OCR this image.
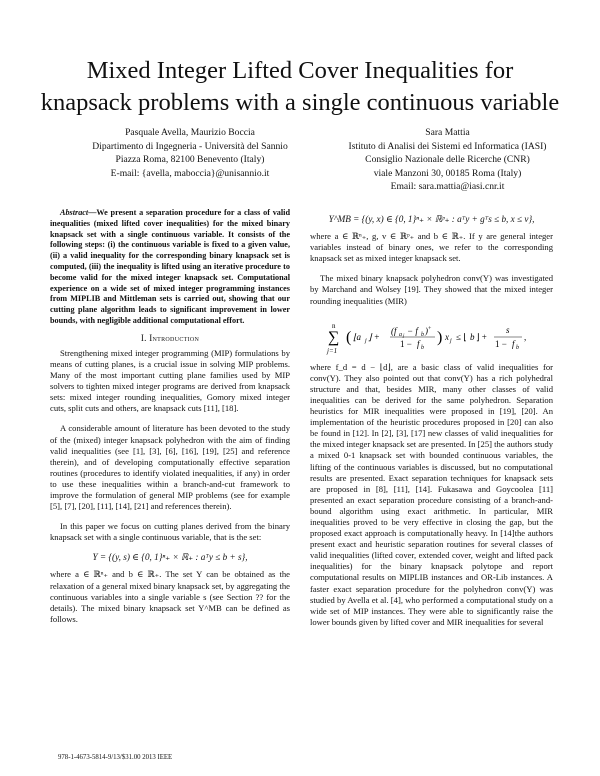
Mixed Integer Lifted Cover Inequalities for
knapsack problems with a single continuous variable
Pasquale Avella, Maurizio Boccia
Dipartimento di Ingegneria - Università del Sannio
Piazza Roma, 82100 Benevento (Italy)
E-mail: {avella, maboccia}@unisannio.it
Sara Mattia
Istituto di Analisi dei Sistemi ed Informatica (IASI)
Consiglio Nazionale delle Ricerche (CNR)
viale Manzoni 30, 00185 Roma (Italy)
Email: sara.mattia@iasi.cnr.it

Abstract—We present a separation procedure for a class of valid inequalities (mixed lifted cover inequalities) for the mixed binary knapsack set with a single continuous variable. It consists of the following steps: (i) the continuous variable is fixed to a given value, (ii) a valid inequality for the corresponding binary knapsack set is computed, (iii) the inequality is lifted using an iterative procedure to become valid for the mixed integer knapsack set. Computational experience on a wide set of mixed integer programming instances from MIPLIB and Mittleman sets is carried out, showing that our cutting plane algorithm leads to significant improvement in lower bounds, with negligible additional computational effort.

I. Introduction

Strengthening mixed integer programming (MIP) formulations by means of cutting planes, is a crucial issue in solving MIP problems. Many of the most important cutting plane families used by MIP solvers to tighten mixed integer programs are derived from knapsack sets: mixed integer rounding inequalities, Gomory mixed integer cuts, split cuts and others, are knapsack cuts [11], [18].

A considerable amount of literature has been devoted to the study of the (mixed) integer knapsack polyhedron with the aim of finding valid inequalities (see [1], [3], [6], [16], [19], [25] and reference therein), and of developing computationally effective separation routines (procedures to identify violated inequalities, if any) in order to use these inequalities within a branch-and-cut framework to improve the formulation of general MIP problems (see for example [5], [7], [20], [11], [14], [21] and references therein).

In this paper we focus on cutting planes derived from the binary knapsack set with a single continuous variable, that is the set:

Y = {(y, s) ∈ {0, 1}ⁿ₊ × ℝ₊ : aᵀy ≤ b + s},

where a ∈ ℝⁿ₊ and b ∈ ℝ₊. The set Y can be obtained as the relaxation of a general mixed binary knapsack set, by aggregating the continuous variables into a single variable s (see Section ?? for the details). The mixed binary knapsack set Y^MB can be defined as follows.

Y^MB = {(y, x) ∈ {0, 1}ⁿ₊ × ℝᵖ₊ : aᵀy + gᵀs ≤ b, x ≤ v},

where a ∈ ℝⁿ₊, g, v ∈ ℝᵖ₊ and b ∈ ℝ₊. If y are general integer variables instead of binary ones, we refer to the corresponding knapsack set as mixed integer knapsack set.

The mixed binary knapsack polyhedron conv(Y) was investigated by Marchand and Wolsey [19]. They showed that the mixed integer rounding inequalities (MIR)

n
∑
j=1
( ⌊a j ⌋ +
(f a j
− f b ) +
1 − f b
) x j ≤ ⌊ b ⌋ +
s
1 − f b
,

where f_d = d − ⌊d⌋, are a basic class of valid inequalities for conv(Y). They also pointed out that conv(Y) has a rich polyhedral structure and that, besides MIR, many other classes of valid inequalities can be derived for the same polyhedron. Separation heuristics for MIR inequalities were proposed in [19], [20]. An implementation of the heuristic procedures proposed in [20] can also be found in [12]. In [2], [3], [17] new classes of valid inequalities for the mixed integer knapsack set are presented. In [25] the authors study a mixed 0-1 knapsack set with bounded continuous variables, the lifting of the continuous variables is discussed, but no computational results are presented. Exact separation techniques for knapsack sets are proposed in [8], [11], [14]. Fukasawa and Goycoolea [11] presented an exact separation procedure consisting of a branch-and-bound algorithm using exact arithmetic. In particular, MIR inequalities proved to be very effective in closing the gap, but the proposed exact approach is computationally heavy. In [14]the authors present exact and heuristic separation routines for several classes of valid inequalities (lifted cover, extended cover, weight and lifted pack inequalities) for the binary knapsack polytope and report computational results on MIPLIB instances and OR-Lib instances. A faster exact separation procedure for the polyhedron conv(Y) was studied by Avella et al. [4], who performed a computational study on a wide set of MIP instances. They were able to significantly raise the lower bounds given by lifted cover and MIR inequalities for several

978-1-4673-5814-9/13/$31.00 2013 IEEE
